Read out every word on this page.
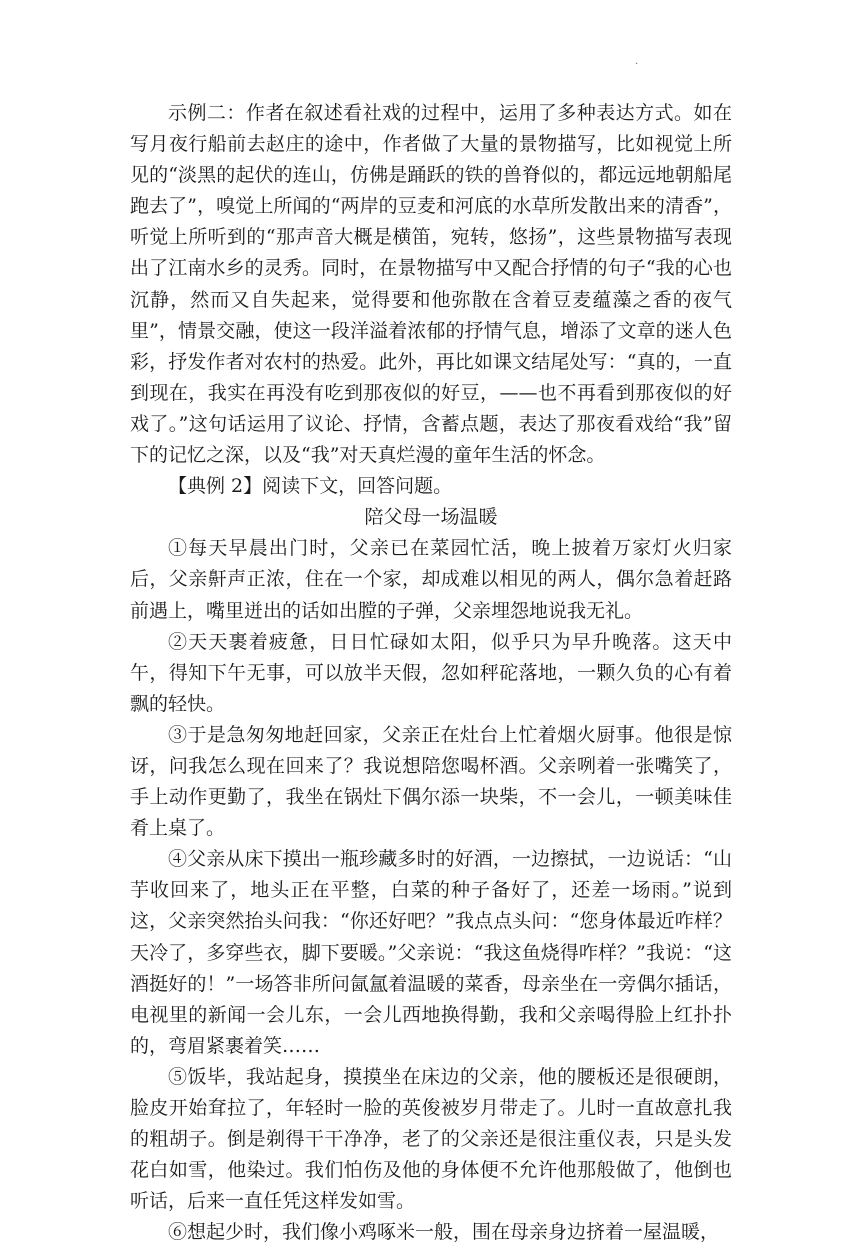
.

示例二：作者在叙述看社戏的过程中，运用了多种表达方式。如在写月夜行船前去赵庄的途中，作者做了大量的景物描写，比如视觉上所见的“淡黑的起伏的连山，仿佛是踊跃的铁的兽脊似的，都远远地朝船尾跑去了”，嗅觉上所闻的“两岸的豆麦和河底的水草所发散出来的清香”，听觉上所听到的“那声音大概是横笛，宛转，悠扬”，这些景物描写表现出了江南水乡的灵秀。同时，在景物描写中又配合抒情的句子“我的心也沉静，然而又自失起来，觉得要和他弥散在含着豆麦蕴藻之香的夜气里”，情景交融，使这一段洋溢着浓郁的抒情气息，增添了文章的迷人色彩，抒发作者对农村的热爱。此外，再比如课文结尾处写：“真的，一直到现在，我实在再没有吃到那夜似的好豆，——也不再看到那夜似的好戏了。”这句话运用了议论、抒情，含蓄点题，表达了那夜看戏给“我”留下的记忆之深，以及“我”对天真烂漫的童年生活的怀念。

【典例 2】阅读下文，回答问题。

陪父母一场温暖

①每天早晨出门时，父亲已在菜园忙活，晚上披着万家灯火归家后，父亲鼾声正浓，住在一个家，却成难以相见的两人，偶尔急着赶路前遇上，嘴里迸出的话如出膛的子弹，父亲埋怨地说我无礼。

②天天裹着疲惫，日日忙碌如太阳，似乎只为早升晚落。这天中午，得知下午无事，可以放半天假，忽如秤砣落地，一颗久负的心有着飘的轻快。

③于是急匆匆地赶回家，父亲正在灶台上忙着烟火厨事。他很是惊讶，问我怎么现在回来了？我说想陪您喝杯酒。父亲咧着一张嘴笑了，手上动作更勤了，我坐在锅灶下偶尔添一块柴，不一会儿，一顿美味佳肴上桌了。

④父亲从床下摸出一瓶珍藏多时的好酒，一边擦拭，一边说话：“山芋收回来了，地头正在平整，白菜的种子备好了，还差一场雨。”说到这，父亲突然抬头问我：“你还好吧？”我点点头问：“您身体最近咋样？天冷了，多穿些衣，脚下要暖。”父亲说：“我这鱼烧得咋样？”我说：“这酒挺好的！”一场答非所问氤氲着温暖的菜香，母亲坐在一旁偶尔插话，电视里的新闻一会儿东，一会儿西地换得勤，我和父亲喝得脸上红扑扑的，弯眉紧裹着笑……

⑤饭毕，我站起身，摸摸坐在床边的父亲，他的腰板还是很硬朗，脸皮开始耷拉了，年轻时一脸的英俊被岁月带走了。儿时一直故意扎我的粗胡子。倒是剃得干干净净，老了的父亲还是很注重仪表，只是头发花白如雪，他染过。我们怕伤及他的身体便不允许他那般做了，他倒也听话，后来一直任凭这样发如雪。

⑥想起少时，我们像小鸡啄米一般，围在母亲身边挤着一屋温暖，
